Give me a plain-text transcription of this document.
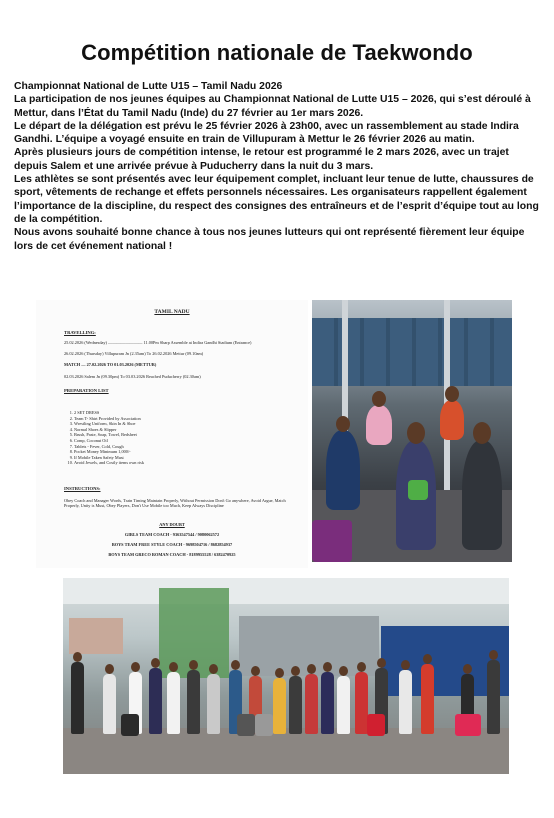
Compétition nationale de Taekwondo

Championnat National de Lutte U15 – Tamil Nadu 2026

La participation de nos jeunes équipes au Championnat National de Lutte U15 – 2026, qui s’est déroulé à Mettur, dans l’État du Tamil Nadu (Inde) du 27 février au 1er mars 2026.

Le départ de la délégation est prévu le 25 février 2026 à 23h00, avec un rassemblement au stade Indira Gandhi. L’équipe a voyagé ensuite en train de Villupuram à Mettur le 26 février 2026 au matin.

Après plusieurs jours de compétition intense, le retour est programmé le 2 mars 2026, avec un trajet depuis Salem et une arrivée prévue à Puducherry dans la nuit du 3 mars.

Les athlètes se sont présentés avec leur équipement complet, incluant leur tenue de lutte, chaussures de sport, vêtements de rechange et effets personnels nécessaires. Les organisateurs rappellent également l’importance de la discipline, du respect des consignes des entraîneurs et de l’esprit d’équipe tout au long de la compétition.

Nous avons souhaité bonne chance à tous nos jeunes lutteurs qui ont représenté fièrement leur équipe lors de cet événement national !

TAMIL NADU
TRAVELLING:
25.02.2026 (Wednesday) ———————— 11.00Pm Sharp Assemble at Indira Gandhi Stadium (Entrance)
26.02.2026 (Thursday) Villupuram Jn (2.35am) To 26.02.2026 Mettur (09.10am)
MATCH — 27.02.2026 TO 01.03.2026 (METTUR)
02.03.2026 Salem Jn (09.30pm) To 03.03.2026 Reached Puducherry (02.30am)
PREPARATION LIST
1. 2 SET DRESS
2. Team T- Shirt Provided by Association
3. Wrestling Uniform, Skin In & Shoe
4. Normal Shoes & Slipper
5. Brush, Paste, Soap, Towel, Bedsheet
6. Comp, Coconut Oil
7. Tablets - Fever, Cold, Cough
8. Pocket Money Minimum 1,000/-
9. If Mobile Taken Safety Must
10. Avoid Jewels, and Costly items own risk
INSTRUCTIONS:
Obey Coach and Manager Words, Train Timing Maintain Properly, Without Permission Don't Go anywhere, Avoid Argue, Match Properly, Unity is Must, Obey Players, Don't Use Mobile too Much, Keep Always Discipline
ANY DOUBT
GIRLS TEAM COACH - 9363547544 / 9080062572
BOYS TEAM FREE STYLE COACH - 9698504716 / 8682854937
BOYS TEAM GRECO ROMAN COACH - 8189955528 / 6382470925
